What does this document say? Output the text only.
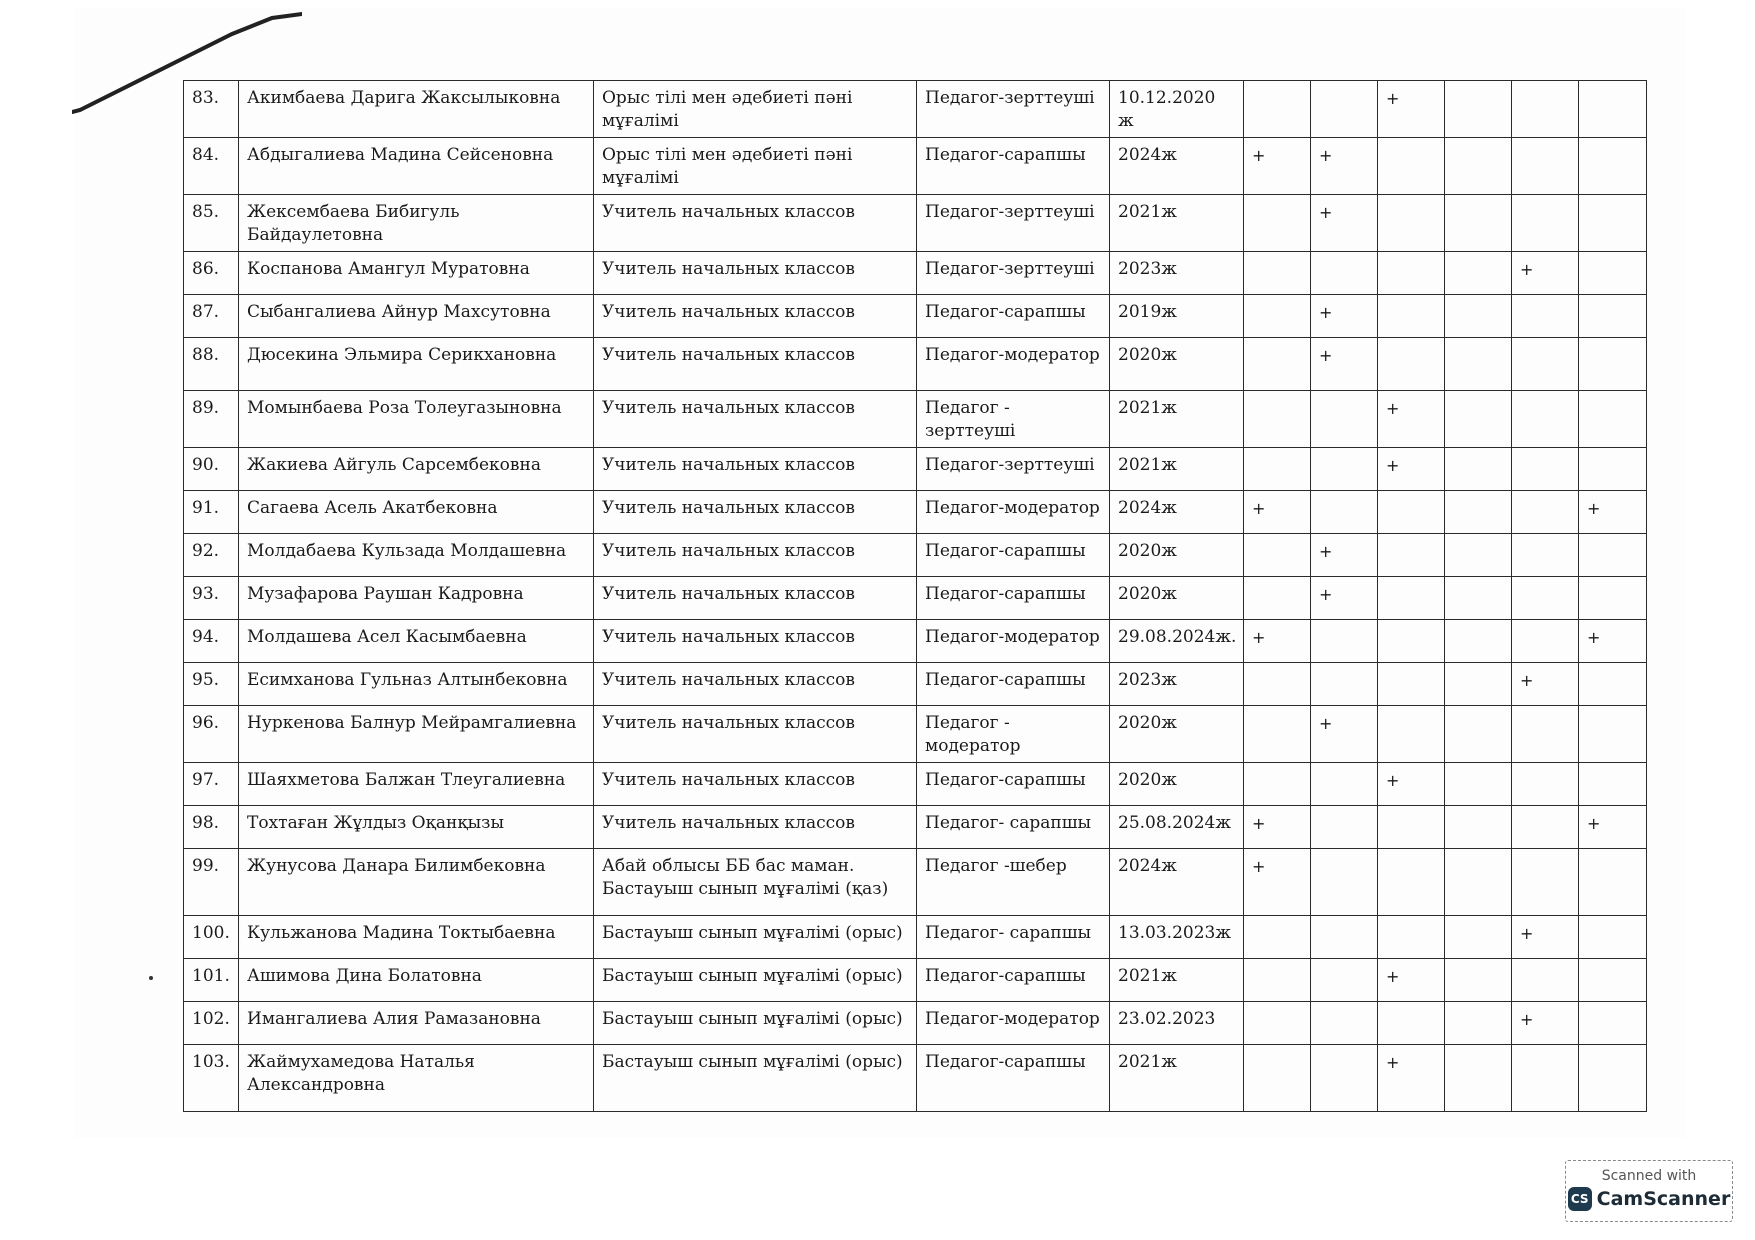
83.	Акимбаева Дарига Жаксылыковна	Орыс тілі мен әдебиеті пәні мұғалімі	Педагог-зерттеуші	10.12.2020 ж			+			
84.	Абдыгалиева Мадина Сейсеновна	Орыс тілі мен әдебиеті пәні мұғалімі	Педагог-сарапшы	2024ж	+	+				
85.	Жексембаева Бибигуль Байдаулетовна	Учитель начальных классов	Педагог-зерттеуші	2021ж		+				
86.	Коспанова Амангул Муратовна	Учитель начальных классов	Педагог-зерттеуші	2023ж					+	
87.	Сыбангалиева Айнур Махсутовна	Учитель начальных классов	Педагог-сарапшы	2019ж		+				
88.	Дюсекина Эльмира Серикхановна	Учитель начальных классов	Педагог-модератор	2020ж		+				
89.	Момынбаева Роза Толеугазыновна	Учитель начальных классов	Педагог - зерттеуші	2021ж			+			
90.	Жакиева Айгуль Сарсембековна	Учитель начальных классов	Педагог-зерттеуші	2021ж			+			
91.	Сагаева Асель Акатбековна	Учитель начальных классов	Педагог-модератор	2024ж	+					+
92.	Молдабаева Кульзада Молдашевна	Учитель начальных классов	Педагог-сарапшы	2020ж		+				
93.	Музафарова Раушан Кадровна	Учитель начальных классов	Педагог-сарапшы	2020ж		+				
94.	Молдашева Асел Касымбаевна	Учитель начальных классов	Педагог-модератор	29.08.2024ж.	+					+
95.	Есимханова Гульназ Алтынбековна	Учитель начальных классов	Педагог-сарапшы	2023ж					+	
96.	Нуркенова Балнур Мейрамгалиевна	Учитель начальных классов	Педагог - модератор	2020ж		+				
97.	Шаяхметова Балжан Тлеугалиевна	Учитель начальных классов	Педагог-сарапшы	2020ж			+			
98.	Тохтаған Жұлдыз Оқанқызы	Учитель начальных классов	Педагог- сарапшы	25.08.2024ж	+					+
99.	Жунусова Данара Билимбековна	Абай облысы ББ бас маман. Бастауыш сынып мұғалімі (қаз)	Педагог -шебер	2024ж	+					
100.	Кульжанова Мадина Токтыбаевна	Бастауыш сынып мұғалімі (орыс)	Педагог- сарапшы	13.03.2023ж					+	
101.	Ашимова Дина Болатовна	Бастауыш сынып мұғалімі (орыс)	Педагог-сарапшы	2021ж			+			
102.	Имангалиева Алия Рамазановна	Бастауыш сынып мұғалімі (орыс)	Педагог-модератор	23.02.2023					+	
103.	Жаймухамедова Наталья Александровна	Бастауыш сынып мұғалімі (орыс)	Педагог-сарапшы	2021ж			+			
Scanned with
CS CamScanner
